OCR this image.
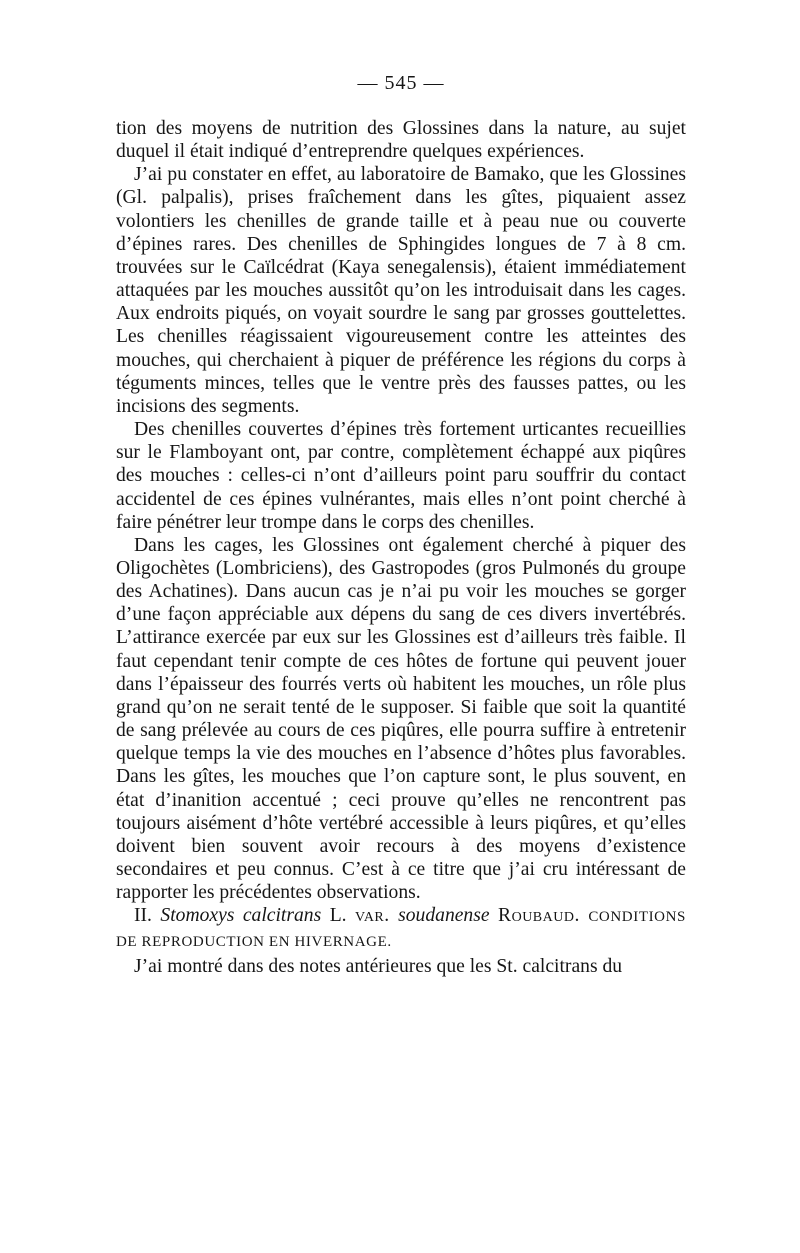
— 545 —

tion des moyens de nutrition des Glossines dans la nature, au sujet duquel il était indiqué d’entreprendre quelques expériences.

J’ai pu constater en effet, au laboratoire de Bamako, que les Glossines (Gl. palpalis), prises fraîchement dans les gîtes, piquaient assez volontiers les chenilles de grande taille et à peau nue ou couverte d’épines rares. Des chenilles de Sphingides longues de 7 à 8 cm. trouvées sur le Caïlcédrat (Kaya senegalensis), étaient immédiatement attaquées par les mouches aussitôt qu’on les introduisait dans les cages. Aux endroits piqués, on voyait sourdre le sang par grosses gouttelettes. Les chenilles réagissaient vigoureusement contre les atteintes des mouches, qui cherchaient à piquer de préférence les régions du corps à téguments minces, telles que le ventre près des fausses pattes, ou les incisions des segments.

Des chenilles couvertes d’épines très fortement urticantes recueillies sur le Flamboyant ont, par contre, complètement échappé aux piqûres des mouches : celles-ci n’ont d’ailleurs point paru souffrir du contact accidentel de ces épines vulnérantes, mais elles n’ont point cherché à faire pénétrer leur trompe dans le corps des chenilles.

Dans les cages, les Glossines ont également cherché à piquer des Oligochètes (Lombriciens), des Gastropodes (gros Pulmonés du groupe des Achatines). Dans aucun cas je n’ai pu voir les mouches se gorger d’une façon appréciable aux dépens du sang de ces divers invertébrés. L’attirance exercée par eux sur les Glossines est d’ailleurs très faible. Il faut cependant tenir compte de ces hôtes de fortune qui peuvent jouer dans l’épaisseur des fourrés verts où habitent les mouches, un rôle plus grand qu’on ne serait tenté de le supposer. Si faible que soit la quantité de sang prélevée au cours de ces piqûres, elle pourra suffire à entretenir quelque temps la vie des mouches en l’absence d’hôtes plus favorables. Dans les gîtes, les mouches que l’on capture sont, le plus souvent, en état d’inanition accentué ; ceci prouve qu’elles ne rencontrent pas toujours aisément d’hôte vertébré accessible à leurs piqûres, et qu’elles doivent bien souvent avoir recours à des moyens d’existence secondaires et peu connus. C’est à ce titre que j’ai cru intéressant de rapporter les précédentes observations.

II. Stomoxys calcitrans L. var. soudanense Roubaud. CONDITIONS DE REPRODUCTION EN HIVERNAGE.

J’ai montré dans des notes antérieures que les St. calcitrans du
